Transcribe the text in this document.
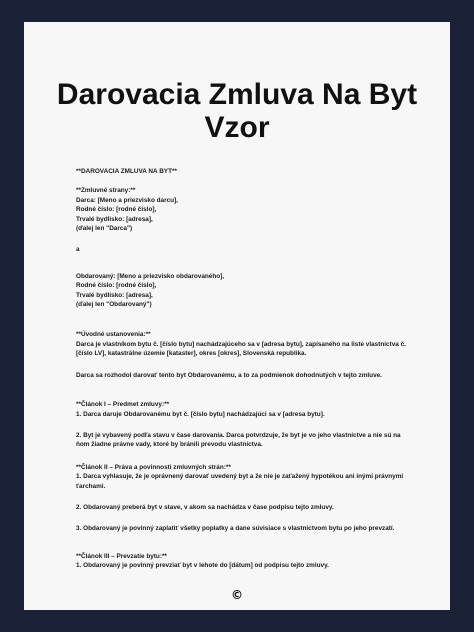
Darovacia Zmluva Na Byt
Vzor

**DAROVACIA ZMLUVA NA BYT**

**Zmluvné strany:**
Darca: [Meno a priezvisko darcu],
Rodné číslo: [rodné číslo],
Trvalé bydlisko: [adresa],
(ďalej len "Darca")

a

Obdarovaný: [Meno a priezvisko obdarovaného],
Rodné číslo: [rodné číslo],
Trvalé bydlisko: [adresa],
(ďalej len "Obdarovaný")

**Úvodné ustanovenia:**
Darca je vlastníkom bytu č. [číslo bytu] nachádzajúceho sa v [adresa bytu], zapísaného na liste vlastníctva č. [číslo LV], katastrálne územie [kataster], okres [okres], Slovenská republika.

Darca sa rozhodol darovať tento byt Obdarovanému, a to za podmienok dohodnutých v tejto zmluve.

**Článok I – Predmet zmluvy:**
1. Darca daruje Obdarovanému byt č. [číslo bytu] nachádzajúci sa v [adresa bytu].

2. Byt je vybavený podľa stavu v čase darovania. Darca potvrdzuje, že byt je vo jeho vlastníctve a nie sú na ňom žiadne právne vady, ktoré by bránili prevodu vlastníctva.

**Článok II – Práva a povinnosti zmluvných strán:**
1. Darca vyhlasuje, že je oprávnený darovať uvedený byt a že nie je zaťažený hypotékou ani inými právnymi ťarchami.

2. Obdarovaný preberá byt v stave, v akom sa nachádza v čase podpisu tejto zmluvy.

3. Obdarovaný je povinný zaplatiť všetky poplatky a dane súvisiace s vlastníctvom bytu po jeho prevzatí.

**Článok III – Prevzatie bytu:**
1. Obdarovaný je povinný prevziať byt v lehote do [dátum] od podpisu tejto zmluvy.

©
